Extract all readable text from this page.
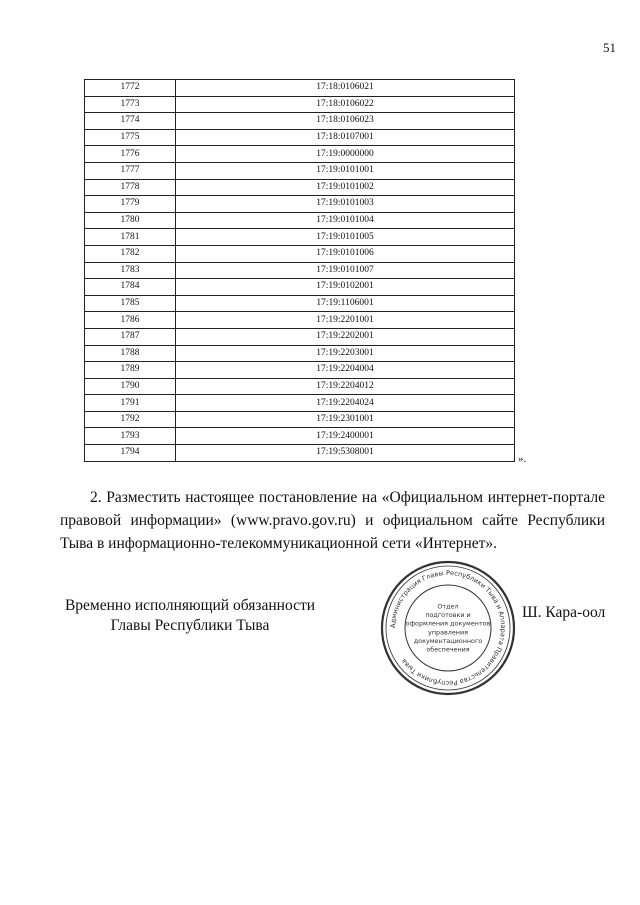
51
1772	17:18:0106021
1773	17:18:0106022
1774	17:18:0106023
1775	17:18:0107001
1776	17:19:0000000
1777	17:19:0101001
1778	17:19:0101002
1779	17:19:0101003
1780	17:19:0101004
1781	17:19:0101005
1782	17:19:0101006
1783	17:19:0101007
1784	17:19:0102001
1785	17:19:1106001
1786	17:19:2201001
1787	17:19:2202001
1788	17:19:2203001
1789	17:19:2204004
1790	17:19:2204012
1791	17:19:2204024
1792	17:19:2301001
1793	17:19:2400001
1794	17:19:5308001
».

2. Разместить настоящее постановление на «Официальном интернет-портале правовой информации» (www.pravo.gov.ru) и официальном сайте Республики Тыва в информационно-телекоммуникационной сети «Интернет».

Временно исполняющий обязанности
Главы Республики Тыва
Ш. Кара-оол
Администрация Главы Республики Тыва и Аппарата Правительства Республики Тыва
Отдел
подготовки и
оформления документов
управления
документационного
обеспечения
